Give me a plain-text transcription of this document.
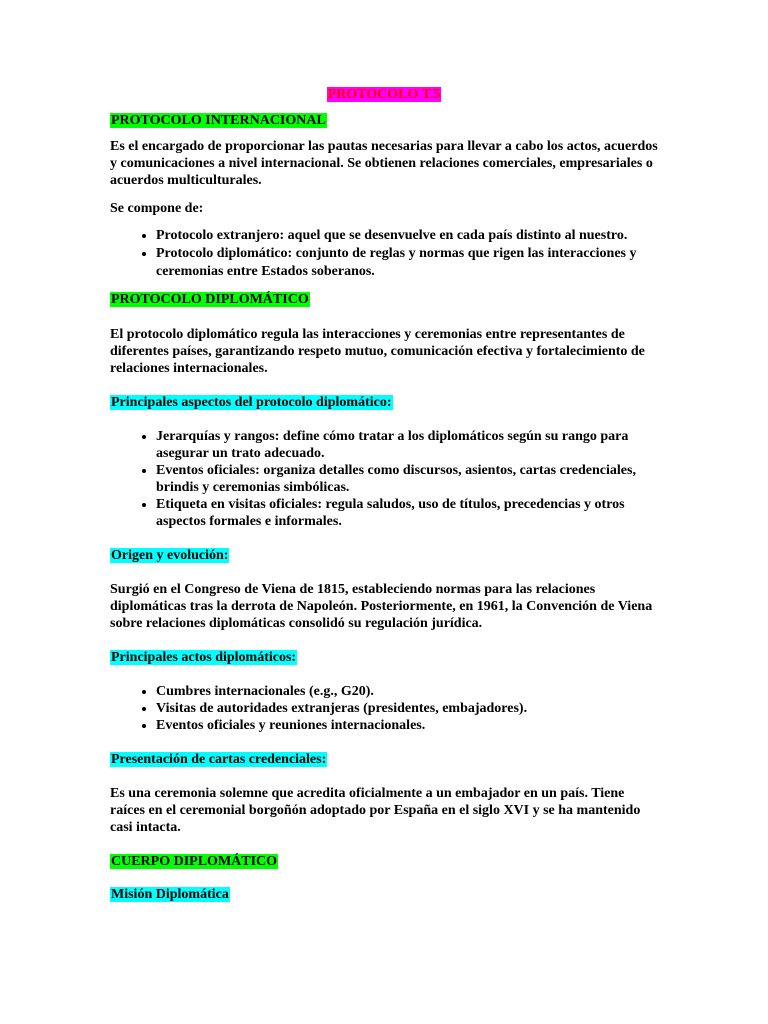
PROTOCOLO T.5
PROTOCOLO INTERNACIONAL

Es el encargado de proporcionar las pautas necesarias para llevar a cabo los actos, acuerdos y comunicaciones a nivel internacional. Se obtienen relaciones comerciales, empresariales o acuerdos multiculturales.

Se compone de:

• Protocolo extranjero: aquel que se desenvuelve en cada país distinto al nuestro.
• Protocolo diplomático: conjunto de reglas y normas que rigen las interacciones y ceremonias entre Estados soberanos.
PROTOCOLO DIPLOMÁTICO

El protocolo diplomático regula las interacciones y ceremonias entre representantes de diferentes países, garantizando respeto mutuo, comunicación efectiva y fortalecimiento de relaciones internacionales.

Principales aspectos del protocolo diplomático:
• Jerarquías y rangos: define cómo tratar a los diplomáticos según su rango para asegurar un trato adecuado.
• Eventos oficiales: organiza detalles como discursos, asientos, cartas credenciales, brindis y ceremonias simbólicas.
• Etiqueta en visitas oficiales: regula saludos, uso de títulos, precedencias y otros aspectos formales e informales.
Origen y evolución:

Surgió en el Congreso de Viena de 1815, estableciendo normas para las relaciones diplomáticas tras la derrota de Napoleón. Posteriormente, en 1961, la Convención de Viena sobre relaciones diplomáticas consolidó su regulación jurídica.

Principales actos diplomáticos:
• Cumbres internacionales (e.g., G20).
• Visitas de autoridades extranjeras (presidentes, embajadores).
• Eventos oficiales y reuniones internacionales.
Presentación de cartas credenciales:

Es una ceremonia solemne que acredita oficialmente a un embajador en un país. Tiene raíces en el ceremonial borgoñón adoptado por España en el siglo XVI y se ha mantenido casi intacta.

CUERPO DIPLOMÁTICO
Misión Diplomática
